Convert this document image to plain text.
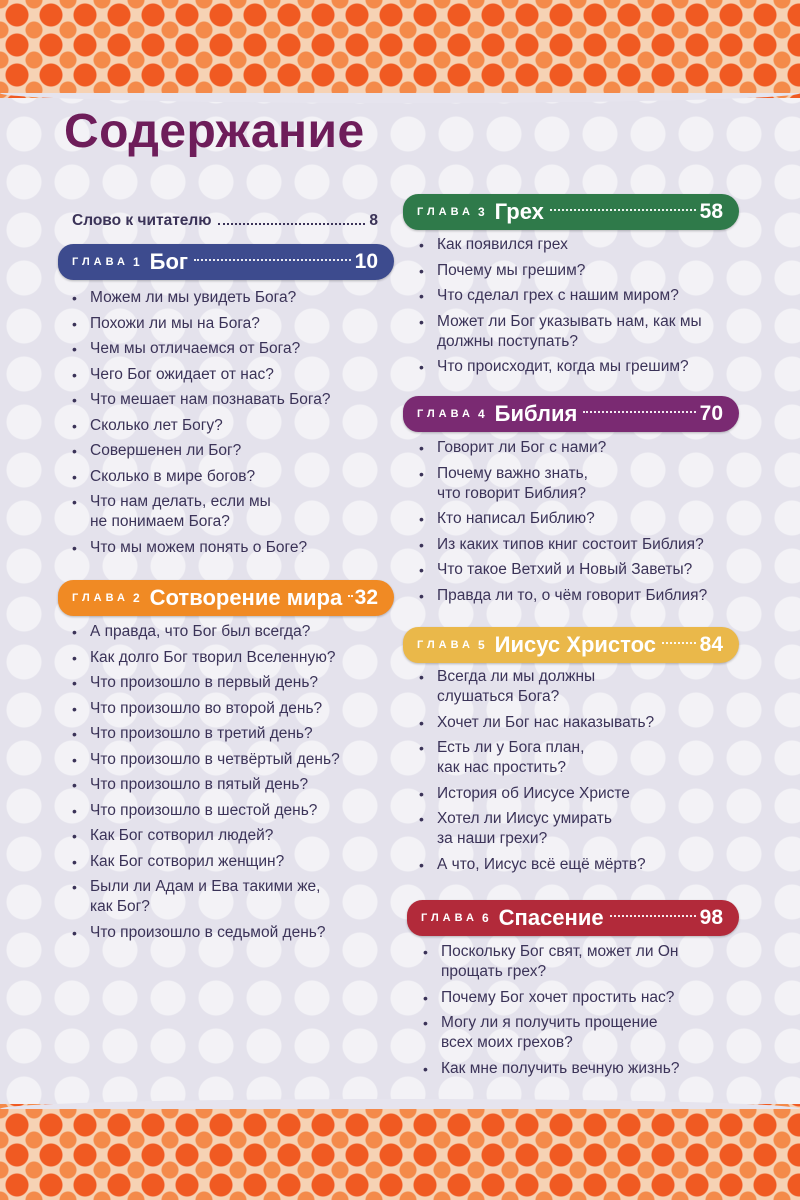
Содержание
Слово к читателю	8
ГЛАВА 1 Бог	10
• Можем ли мы увидеть Бога?
• Похожи ли мы на Бога?
• Чем мы отличаемся от Бога?
• Чего Бог ожидает от нас?
• Что мешает нам познавать Бога?
• Сколько лет Богу?
• Совершенен ли Бог?
• Сколько в мире богов?
• Что нам делать, если мы
не понимаем Бога?
• Что мы можем понять о Боге?
ГЛАВА 2 Сотворение мира 32
• А правда, что Бог был всегда?
• Как долго Бог творил Вселенную?
• Что произошло в первый день?
• Что произошло во второй день?
• Что произошло в третий день?
• Что произошло в четвёртый день?
• Что произошло в пятый день?
• Что произошло в шестой день?
• Как Бог сотворил людей?
• Как Бог сотворил женщин?
• Были ли Адам и Ева такими же,
как Бог?
• Что произошло в седьмой день?
ГЛАВА 3 Грех	58
• Как появился грех
• Почему мы грешим?
• Что сделал грех с нашим миром?
• Может ли Бог указывать нам, как мы
должны поступать?
• Что происходит, когда мы грешим?
ГЛАВА 4 Библия	70
• Говорит ли Бог с нами?
• Почему важно знать,
что говорит Библия?
• Кто написал Библию?
• Из каких типов книг состоит Библия?
• Что такое Ветхий и Новый Заветы?
• Правда ли то, о чём говорит Библия?
ГЛАВА 5 Иисус Христос 84
• Всегда ли мы должны
слушаться Бога?
• Хочет ли Бог нас наказывать?
• Есть ли у Бога план,
как нас простить?
• История об Иисусе Христе
• Хотел ли Иисус умирать
за наши грехи?
• А что, Иисус всё ещё мёртв?
ГЛАВА 6 Спасение	98
• Поскольку Бог свят, может ли Он
прощать грех?
• Почему Бог хочет простить нас?
• Могу ли я получить прощение
всех моих грехов?
• Как мне получить вечную жизнь?
